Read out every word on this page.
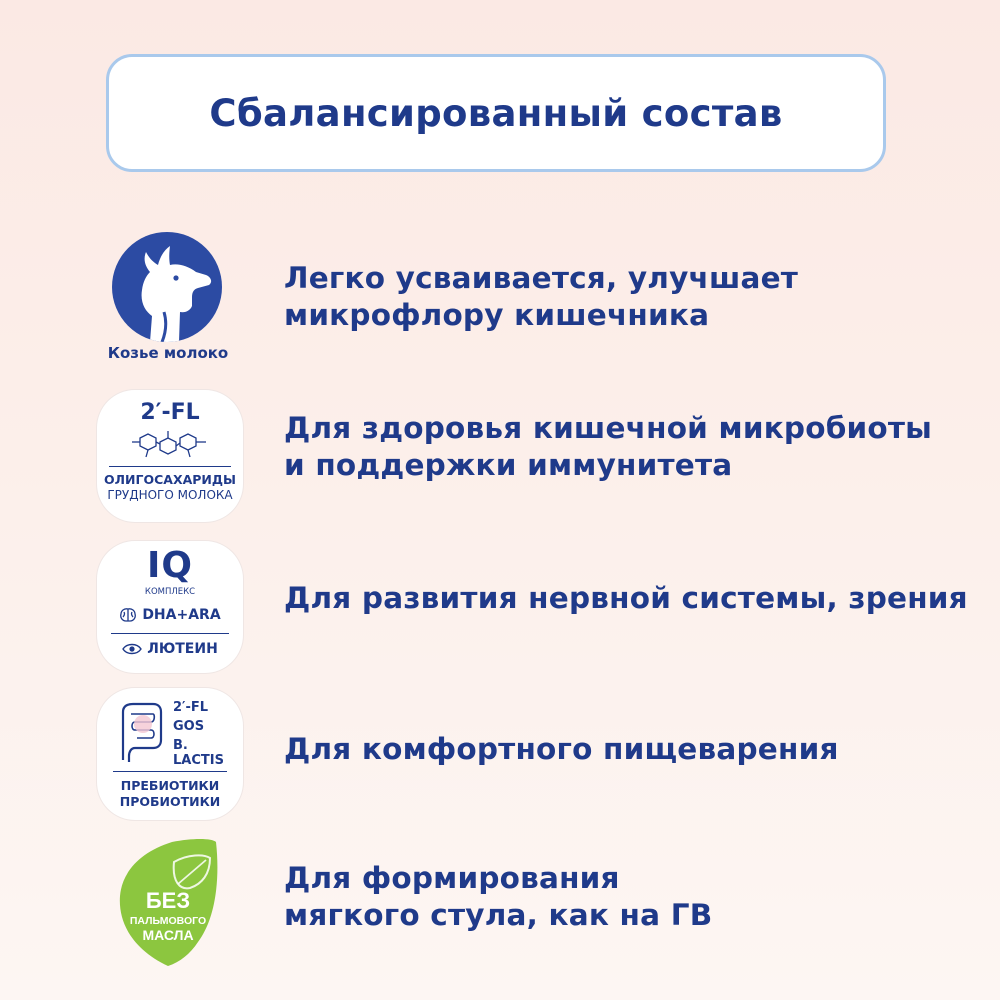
Сбалансированный состав
Козье молоко
Легко усваивается, улучшает
микрофлору кишечника
2′-FL
ОЛИГОСАХАРИДЫ
ГРУДНОГО МОЛОКА
Для здоровья кишечной микробиоты
и поддержки иммунитета
IQ
КОМПЛЕКС
DHA+ARA
ЛЮТЕИН
Для развития нервной системы, зрения
2′-FL
GOS
B. LACTIS
ПРЕБИОТИКИ
ПРОБИОТИКИ
Для комфортного пищеварения
БЕЗ
ПАЛЬМОВОГО
МАСЛА
Для формирования
мягкого стула, как на ГВ
